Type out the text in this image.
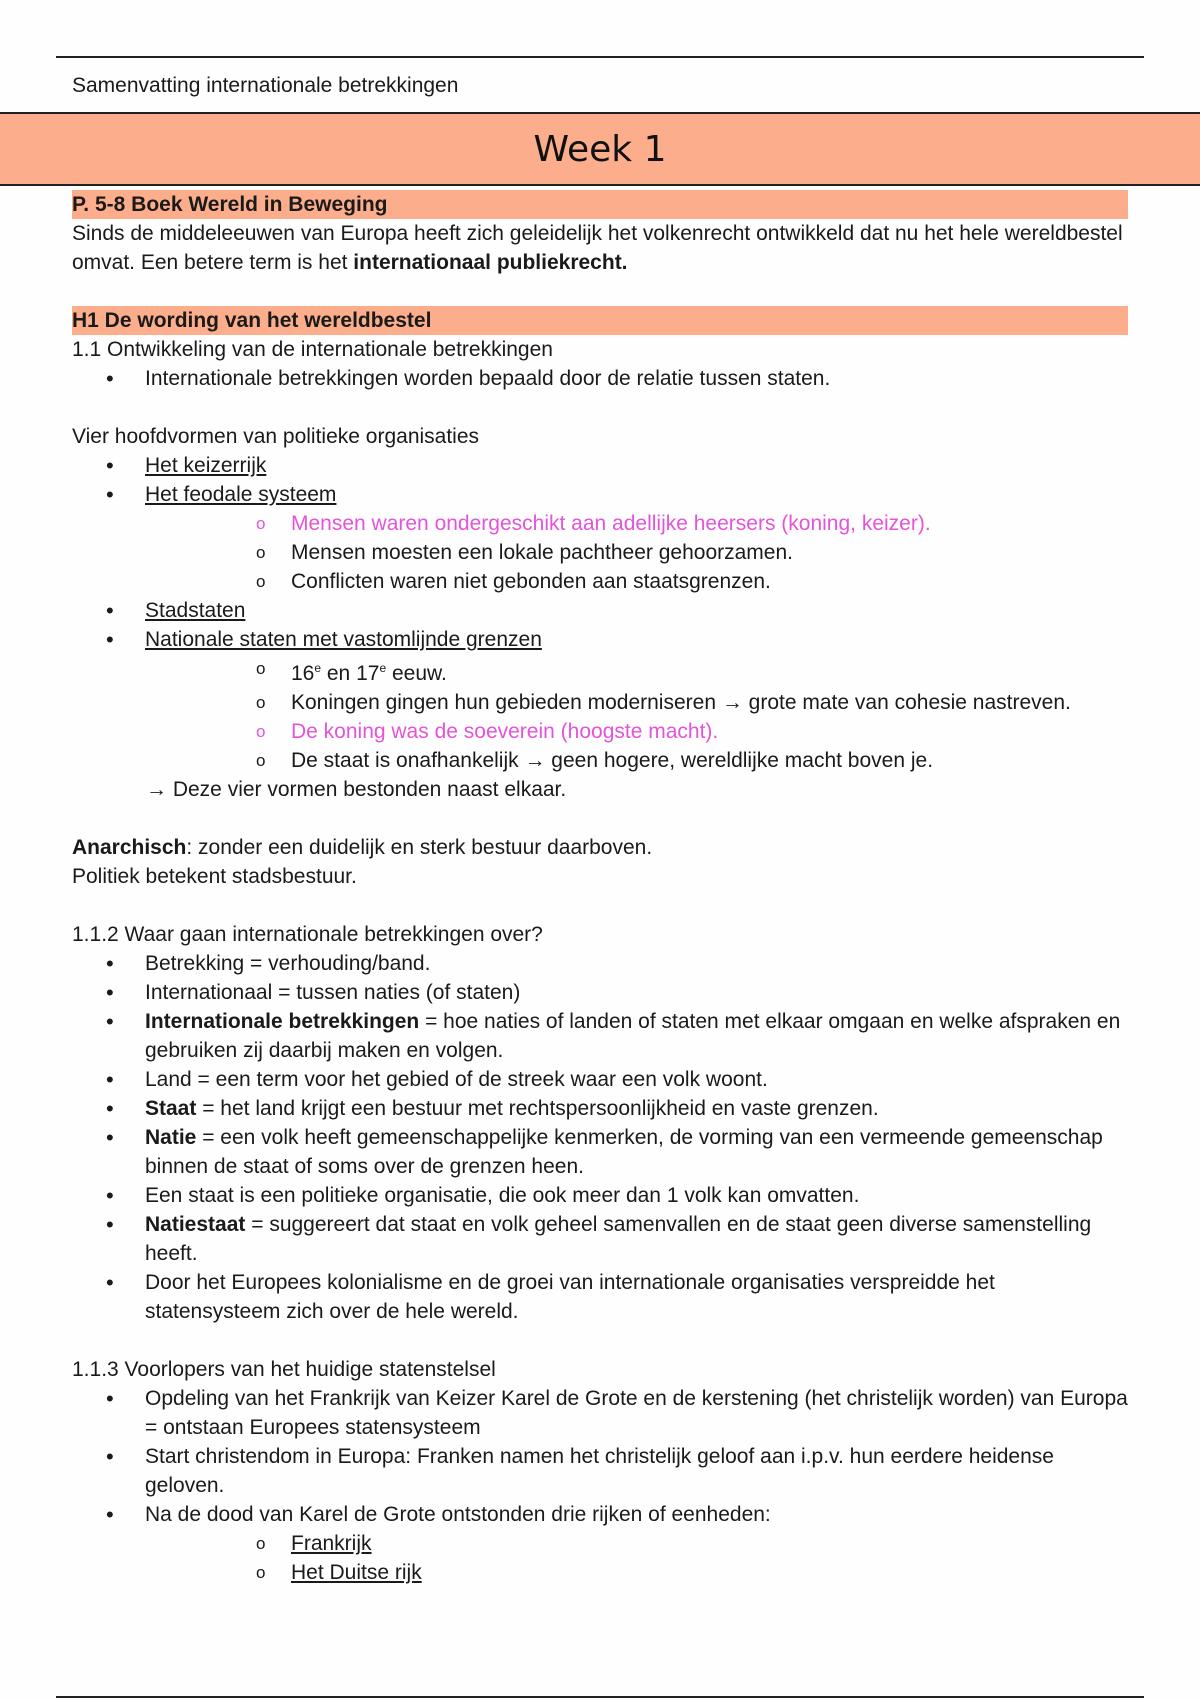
Samenvatting internationale betrekkingen
Week 1
P. 5-8 Boek Wereld in Beweging
Sinds de middeleeuwen van Europa heeft zich geleidelijk het volkenrecht ontwikkeld dat nu het hele wereldbestel omvat. Een betere term is het internationaal publiekrecht.
H1 De wording van het wereldbestel
1.1 Ontwikkeling van de internationale betrekkingen
• Internationale betrekkingen worden bepaald door de relatie tussen staten.
Vier hoofdvormen van politieke organisaties
• Het keizerrijk
• Het feodale systeem
o Mensen waren ondergeschikt aan adellijke heersers (koning, keizer).
o Mensen moesten een lokale pachtheer gehoorzamen.
o Conflicten waren niet gebonden aan staatsgrenzen.
• Stadstaten
• Nationale staten met vastomlijnde grenzen
o 16e en 17e eeuw.
o Koningen gingen hun gebieden moderniseren → grote mate van cohesie nastreven.
o De koning was de soeverein (hoogste macht).
o De staat is onafhankelijk → geen hogere, wereldlijke macht boven je.
→ Deze vier vormen bestonden naast elkaar.
Anarchisch: zonder een duidelijk en sterk bestuur daarboven.
Politiek betekent stadsbestuur.
1.1.2 Waar gaan internationale betrekkingen over?
• Betrekking = verhouding/band.
• Internationaal = tussen naties (of staten)
• Internationale betrekkingen = hoe naties of landen of staten met elkaar omgaan en welke afspraken en gebruiken zij daarbij maken en volgen.
• Land = een term voor het gebied of de streek waar een volk woont.
• Staat = het land krijgt een bestuur met rechtspersoonlijkheid en vaste grenzen.
• Natie = een volk heeft gemeenschappelijke kenmerken, de vorming van een vermeende gemeenschap binnen de staat of soms over de grenzen heen.
• Een staat is een politieke organisatie, die ook meer dan 1 volk kan omvatten.
• Natiestaat = suggereert dat staat en volk geheel samenvallen en de staat geen diverse samenstelling heeft.
• Door het Europees kolonialisme en de groei van internationale organisaties verspreidde het statensysteem zich over de hele wereld.
1.1.3 Voorlopers van het huidige statenstelsel
• Opdeling van het Frankrijk van Keizer Karel de Grote en de kerstening (het christelijk worden) van Europa = ontstaan Europees statensysteem
• Start christendom in Europa: Franken namen het christelijk geloof aan i.p.v. hun eerdere heidense geloven.
• Na de dood van Karel de Grote ontstonden drie rijken of eenheden:
o Frankrijk
o Het Duitse rijk
